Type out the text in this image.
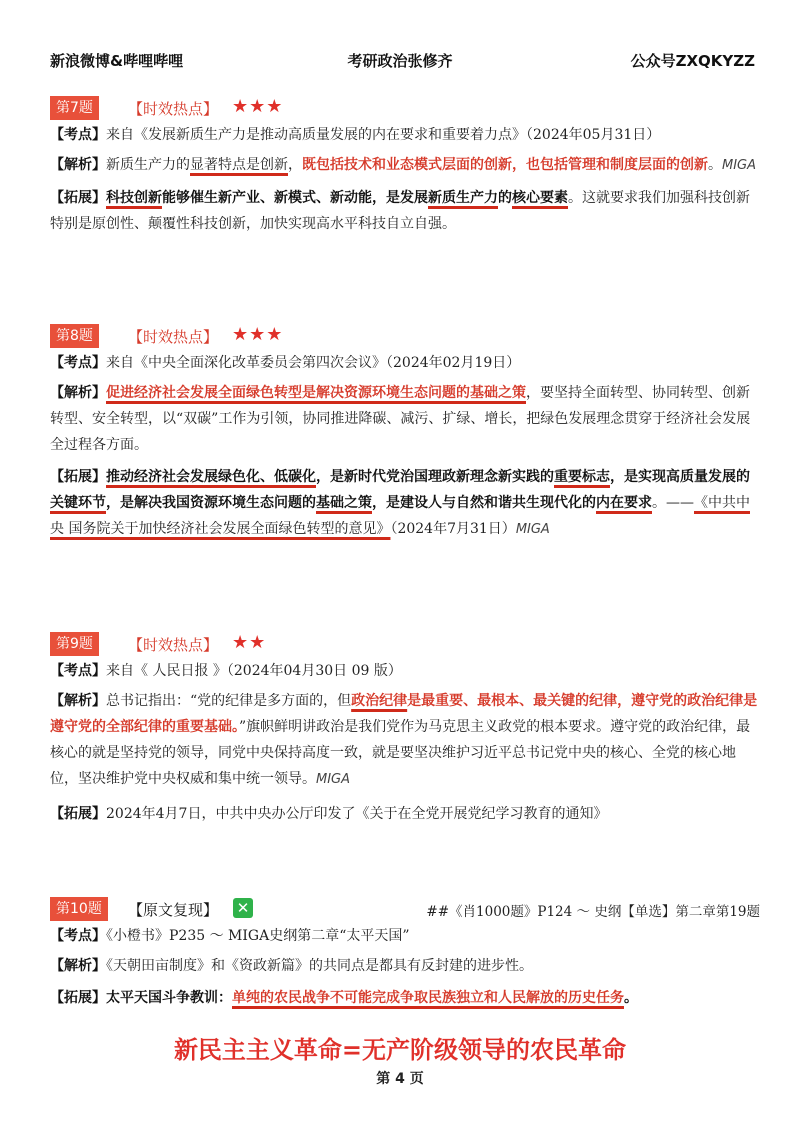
新浪微博&哔哩哔哩	考研政治张修齐	公众号ZXQKYZZ
第7题	【时效热点】 ★★★

【考点】来自《发展新质生产力是推动高质量发展的内在要求和重要着力点》（2024年05月31日）

【解析】新质生产力的显著特点是创新，既包括技术和业态模式层面的创新，也包括管理和制度层面的创新。MIGA

【拓展】科技创新能够催生新产业、新模式、新动能，是发展新质生产力的核心要素。这就要求我们加强科技创新特别是原创性、颠覆性科技创新，加快实现高水平科技自立自强。

第8题	【时效热点】 ★★★

【考点】来自《中央全面深化改革委员会第四次会议》（2024年02月19日）

【解析】促进经济社会发展全面绿色转型是解决资源环境生态问题的基础之策，要坚持全面转型、协同转型、创新转型、安全转型，以“双碳”工作为引领，协同推进降碳、减污、扩绿、增长，把绿色发展理念贯穿于经济社会发展全过程各方面。

【拓展】推动经济社会发展绿色化、低碳化，是新时代党治国理政新理念新实践的重要标志，是实现高质量发展的关键环节，是解决我国资源环境生态问题的基础之策，是建设人与自然和谐共生现代化的内在要求。——《中共中央 国务院关于加快经济社会发展全面绿色转型的意见》（2024年7月31日）MIGA

第9题	【时效热点】 ★★

【考点】来自《 人民日报 》（2024年04月30日 09 版）

【解析】总书记指出：“党的纪律是多方面的，但政治纪律是最重要、最根本、最关键的纪律，遵守党的政治纪律是遵守党的全部纪律的重要基础。”旗帜鲜明讲政治是我们党作为马克思主义政党的根本要求。遵守党的政治纪律，最核心的就是坚持党的领导，同党中央保持高度一致，就是要坚决维护习近平总书记党中央的核心、全党的核心地位，坚决维护党中央权威和集中统一领导。MIGA

【拓展】2024年4月7日，中共中央办公厅印发了《关于在全党开展党纪学习教育的通知》

第10题	【原文复现】 ✕	##《肖1000题》P124 ～ 史纲【单选】第二章第19题

【考点】《小橙书》P235 ～ MIGA史纲第二章“太平天国”

【解析】《天朝田亩制度》和《资政新篇》的共同点是都具有反封建的进步性。

【拓展】太平天国斗争教训：单纯的农民战争不可能完成争取民族独立和人民解放的历史任务。

新民主主义革命=无产阶级领导的农民革命
第 4 页
